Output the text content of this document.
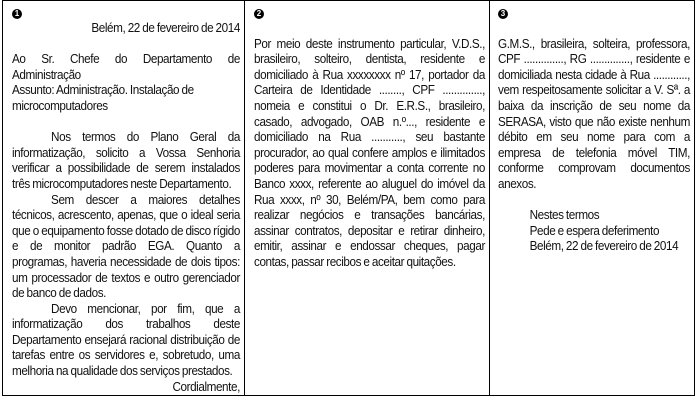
1

Belém, 22 de fevereiro de 2014

Ao Sr. Chefe do Departamento de Administração

Assunto: Administração. Instalação de microcomputadores

Nos termos do Plano Geral da informatização, solicito a Vossa Senhoria verificar a possibilidade de serem instalados três microcomputadores neste Departamento.

Sem descer a maiores detalhes técnicos, acrescento, apenas, que o ideal seria que o equipamento fosse dotado de disco rígido e de monitor padrão EGA. Quanto a programas, haveria necessidade de dois tipos: um processador de textos e outro gerenciador de banco de dados.

Devo mencionar, por fim, que a informatização dos trabalhos deste Departamento ensejará racional distribuição de tarefas entre os servidores e, sobretudo, uma melhoria na qualidade dos serviços prestados.

Cordialmente,

2

Por meio deste instrumento particular, V.D.S., brasileiro, solteiro, dentista, residente e domiciliado à Rua xxxxxxxx nº 17, portador da Carteira de Identidade ........, CPF .............., nomeia e constitui o Dr. E.R.S., brasileiro, casado, advogado, OAB n.º..., residente e domiciliado na Rua ..........., seu bastante procurador, ao qual confere amplos e ilimitados poderes para movimentar a conta corrente no Banco xxxx, referente ao aluguel do imóvel da Rua xxxx, nº 30, Belém/PA, bem como para realizar negócios e transações bancárias, assinar contratos, depositar e retirar dinheiro, emitir, assinar e endossar cheques, pagar contas, passar recibos e aceitar quitações.

3

G.M.S., brasileira, solteira, professora, CPF .............., RG .............., residente e domiciliada nesta cidade à Rua ............, vem respeitosamente solicitar a V. Sª. a baixa da inscrição de seu nome da SERASA, visto que não existe nenhum débito em seu nome para com a empresa de telefonia móvel TIM, conforme comprovam documentos anexos.

Nestes termos

Pede e espera deferimento

Belém, 22 de fevereiro de 2014
